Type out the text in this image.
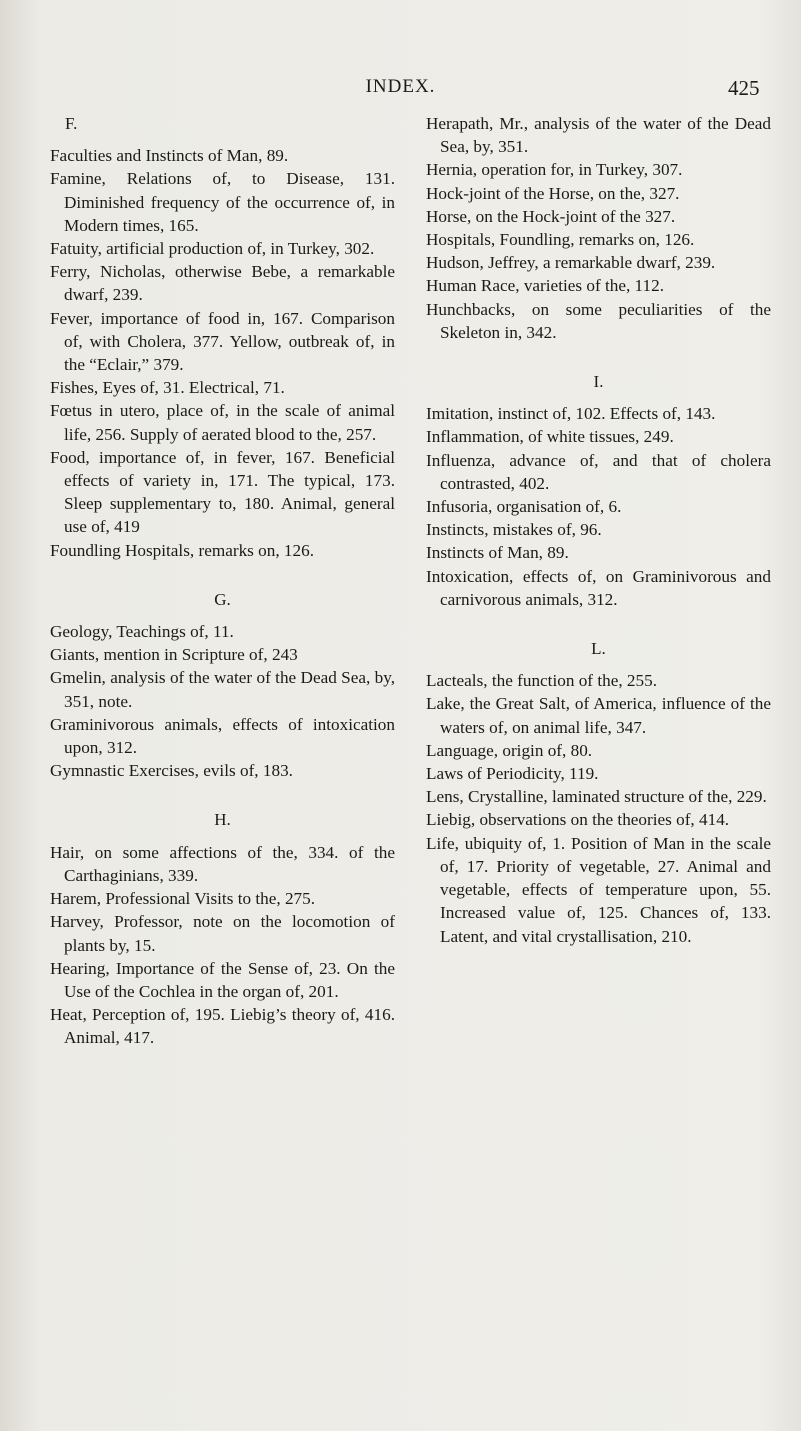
INDEX.	425
F.

Faculties and Instincts of Man, 89.

Famine, Relations of, to Disease, 131. Diminished frequency of the occurrence of, in Modern times, 165.

Fatuity, artificial production of, in Turkey, 302.

Ferry, Nicholas, otherwise Bebe, a remarkable dwarf, 239.

Fever, importance of food in, 167. Comparison of, with Cholera, 377. Yellow, outbreak of, in the “Eclair,” 379.

Fishes, Eyes of, 31. Electrical, 71.

Fœtus in utero, place of, in the scale of animal life, 256. Supply of aerated blood to the, 257.

Food, importance of, in fever, 167. Beneficial effects of variety in, 171. The typical, 173. Sleep supplementary to, 180. Animal, general use of, 419

Foundling Hospitals, remarks on, 126.

G.

Geology, Teachings of, 11.

Giants, mention in Scripture of, 243

Gmelin, analysis of the water of the Dead Sea, by, 351, note.

Graminivorous animals, effects of intoxication upon, 312.

Gymnastic Exercises, evils of, 183.

H.

Hair, on some affections of the, 334. of the Carthaginians, 339.

Harem, Professional Visits to the, 275.

Harvey, Professor, note on the locomotion of plants by, 15.

Hearing, Importance of the Sense of, 23. On the Use of the Cochlea in the organ of, 201.

Heat, Perception of, 195. Liebig’s theory of, 416. Animal, 417.

Herapath, Mr., analysis of the water of the Dead Sea, by, 351.

Hernia, operation for, in Turkey, 307.

Hock-joint of the Horse, on the, 327.

Horse, on the Hock-joint of the 327.

Hospitals, Foundling, remarks on, 126.

Hudson, Jeffrey, a remarkable dwarf, 239.

Human Race, varieties of the, 112.

Hunchbacks, on some peculiarities of the Skeleton in, 342.

I.

Imitation, instinct of, 102. Effects of, 143.

Inflammation, of white tissues, 249.

Influenza, advance of, and that of cholera contrasted, 402.

Infusoria, organisation of, 6.

Instincts, mistakes of, 96.

Instincts of Man, 89.

Intoxication, effects of, on Graminivorous and carnivorous animals, 312.

L.

Lacteals, the function of the, 255.

Lake, the Great Salt, of America, influence of the waters of, on animal life, 347.

Language, origin of, 80.

Laws of Periodicity, 119.

Lens, Crystalline, laminated structure of the, 229.

Liebig, observations on the theories of, 414.

Life, ubiquity of, 1. Position of Man in the scale of, 17. Priority of vegetable, 27. Animal and vegetable, effects of temperature upon, 55. Increased value of, 125. Chances of, 133. Latent, and vital crystallisation, 210.
